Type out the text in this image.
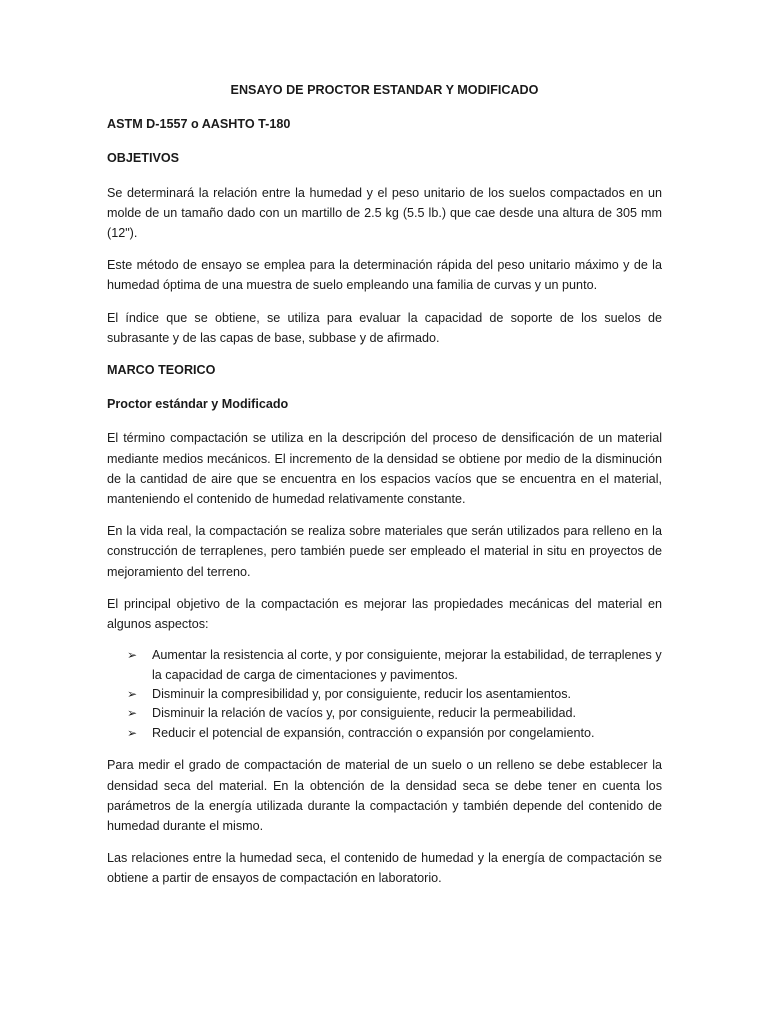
ENSAYO DE PROCTOR ESTANDAR Y MODIFICADO

ASTM D-1557 o AASHTO T-180

OBJETIVOS

Se determinará la relación entre la humedad y el peso unitario de los suelos compactados en un molde de un tamaño dado con un martillo de 2.5 kg (5.5 lb.) que cae desde una altura de 305 mm (12").

Este método de ensayo se emplea para la determinación rápida del peso unitario máximo y de la humedad óptima de una muestra de suelo empleando una familia de curvas y un punto.

El índice que se obtiene, se utiliza para evaluar la capacidad de soporte de los suelos de subrasante y de las capas de base, subbase y de afirmado.

MARCO TEORICO

Proctor estándar y Modificado

El término compactación se utiliza en la descripción del proceso de densificación de un material mediante medios mecánicos. El incremento de la densidad se obtiene por medio de la disminución de la cantidad de aire que se encuentra en los espacios vacíos que se encuentra en el material, manteniendo el contenido de humedad relativamente constante.

En la vida real, la compactación se realiza sobre materiales que serán utilizados para relleno en la construcción de terraplenes, pero también puede ser empleado el material in situ en proyectos de mejoramiento del terreno.

El principal objetivo de la compactación es mejorar las propiedades mecánicas del material en algunos aspectos:

➢ Aumentar la resistencia al corte, y por consiguiente, mejorar la estabilidad, de terraplenes y la capacidad de carga de cimentaciones y pavimentos.
➢ Disminuir la compresibilidad y, por consiguiente, reducir los asentamientos.
➢ Disminuir la relación de vacíos y, por consiguiente, reducir la permeabilidad.
➢ Reducir el potencial de expansión, contracción o expansión por congelamiento.

Para medir el grado de compactación de material de un suelo o un relleno se debe establecer la densidad seca del material. En la obtención de la densidad seca se debe tener en cuenta los parámetros de la energía utilizada durante la compactación y también depende del contenido de humedad durante el mismo.

Las relaciones entre la humedad seca, el contenido de humedad y la energía de compactación se obtiene a partir de ensayos de compactación en laboratorio.
